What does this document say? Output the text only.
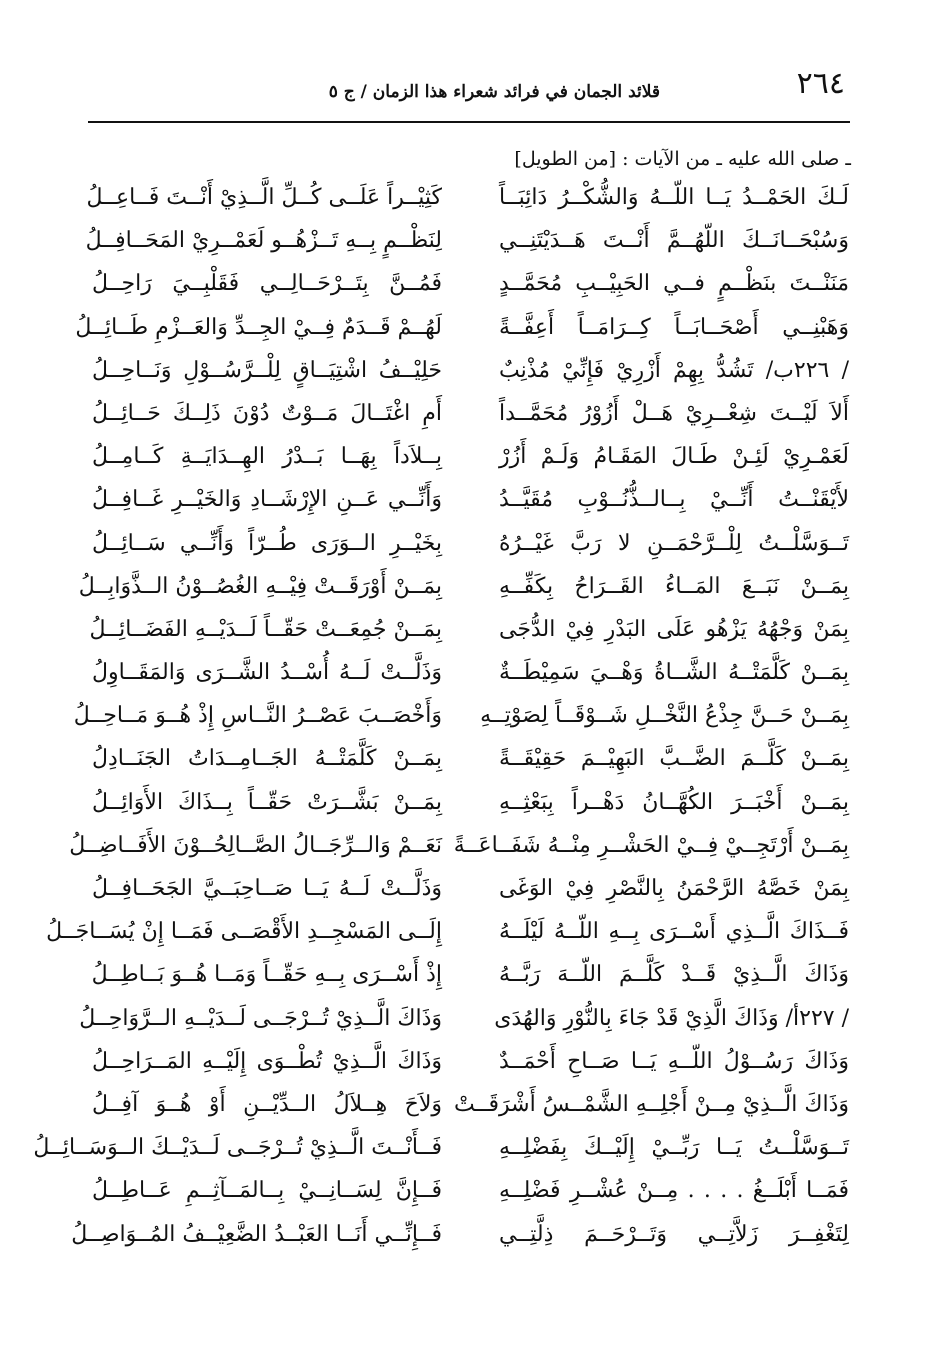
٢٦٤
قلائد الجمان في فرائد شعراء هذا الزمان / ج ٥
ـ صلى الله عليه ـ من الآيات : [من الطويل]
لَـكَ الحَمْــدُ يَــا اللّــهُ وَالشُّكْــرُ دَائِبَــاً
وَسُبْحَــانَــكَ اللّهُــمَّ أَنْــتَ هَــدَيْتَنِــي
مَنَنْــتَ بنَظْــمٍ فــي الحَبِيْــبِ مُحَمَّــدٍ
وَهَبْنِــي أَصْحَــابَــاً كِــرَامَــاً أَعِفَّــةً
/ ٢٢٦ب/ تَشُدُّ بِهِمْ أَزْرِيْ فَإِنِّيْ مُذْنِبٌ
أَلاَ لَيْــتَ شِعْــرِيْ هَــلْ أَزُوْرُ مُحَمَّــداً
لَعَمْـرِيْ لَئِـنْ طَـالَ المَقَـامُ وَلَـمْ أَزُرْ
لأَيْقَنْــتُ أَنِّــيْ بِــالــذُّنُــوْبِ مُقَيَّــدُ
تَــوَسَّلْــتُ لِلْــرَّحْمَــنِ لا رَبَّ غَيْــرُهُ
بِمَــنْ نَبَــعَ المَــاءُ القَــرَاحُ بِكَفِّــهِ
بِمَنْ وَجْهُهُ يَزْهُو عَلَى البَدْرِ فِيْ الدُّجَى
بِمَــنْ كَلَّمَتْــهُ الشَّــاةُ وَهْــيَ سَمِيْطَــةٌ
بِمَــنْ حَــنَّ جِذْعُ النَّخْــلِ شَــوْقَــاً لِصَوْتِــهِ
بِمَــنْ كَلَّــمَ الضَّــبَّ البَهِيْــمَ حَقِيْقَــةً
بِمَــنْ أَخْبَــرَ الكُهَّــانُ دَهْــراً بِبَعْثِــهِ
بِمَــنْ أَرْتَجِــيْ فِــيْ الحَشْــرِ مِنْــهُ شَفَــاعَــةً
بِمَنْ خَصَّهُ الرَّحْمَنُ بِالنَّصْرِ فِيْ الوَغَى
فَــذَاكَ الَّــذِي أَسْــرَى بِــهِ اللّــهُ لَيْلَــهُ
وَذَاكَ الَّــذِيْ قَــدْ كَلَّــمَ اللّــهَ رَبَّــهُ
/ ٢٢٧أ/ وَذَاكَ الَّذِيْ قَدْ جَاءَ بِالنُّوْرِ وَالهُدَى
وَذَاكَ رَسُــوْلُ اللّــهِ يَــا صَــاحِ أَحْمَــدٌ
وَذَاكَ الَّــذِيْ مِــنْ أَجْلِــهِ الشَّمْــسُ أَشْرَقَــتْ
تَــوَسَّلْــتُ يَــا رَبِّــيْ إِلَيْــكَ بِفَضْلِــهِ
فَمَــا أَبْلَــغُ . . . . مِــنْ عُشْــرِ فَضْلِــهِ
لِتَغْفِــرَ زَلاَّتِــي وَتَــرْحَــمَ ذِلَّتِــي
كَثِيْــراً عَلَــى كُــلِّ الَّــذِيْ أَنْــتَ فَــاعِــلُ
لِنَظْــمٍ بِــهِ تَــزْهُــو لَعَمْــرِيْ المَحَــافِــلُ
فَمُــنَّ بِتَــرْحَــالِــي فَقَلْبِــيَ رَاحِــلُ
لَهُــمْ قَــدَمٌ فِــيْ الجِــدِّ وَالعَــزْمِ طَــائِــلُ
حَلِيْــفُ اشْتِيَــاقٍ لِلْــرَّسُــوْلِ وَنَــاحِــلُ
أَمِ اغْتَــالَ مَــوْتٌ دُوْنَ ذَلِــكَ حَــائِــلُ
بِــلاَداً بِهَــا بَــدْرُ الهِــدَايَــةِ كَــامِــلُ
وَأَنِّــي عَــنِ الإِرْشَــادِ وَالخَيْــرِ غَــافِــلُ
بِخَيْــرِ الــوَرَى طُــرّاً وَأَنِّــي سَــائِــلُ
بِمَــنْ أَوْرَقَــتْ فِيْــهِ الغُصُــوْنُ الــذَّوَابِــلُ
بِمَــنْ جُمِعَــتْ حَقّــاً لَــدَيْــهِ الفَضَــائِــلُ
وَذَلَّــتْ لَــهُ أُسْــدُ الشَّــرَى وَالمَقَــاوِلُ
وَأَخْصَــبَ عَصْــرُ النَّــاسِ إِذْ هُــوَ مَــاحِــلُ
بِمَــنْ كَلَّمَتْــهُ الجَــامِــدَاتُ الجَنَــادِلُ
بِمَــنْ بَشَّــرَتْ حَقّــاً بِــذَاكَ الأَوَائِــلُ
نَعَــمْ وَالــرِّجَــالُ الصَّــالِحُــوْنَ الأَفَــاضِــلُ
وَذَلَّــتْ لَــهُ يَــا صَــاحِبَــيَّ الجَحَــافِــلُ
إِلَــى المَسْجِــدِ الأَقْصَــى فَمَــا إِنْ يُسَــاجَــلُ
إِذْ أَسْــرَى بِــهِ حَقّــاً وَمَــا هُــوَ بَــاطِــلُ
وَذَاكَ الَّــذِيْ تُــرْجَــى لَــدَيْــهِ الــرَّوَاحِــلُ
وَذَاكَ الَّــذِيْ تُطْــوَى إِلَيْــهِ المَــرَاحِــلُ
وَلاَحَ هِــلاَلُ الــدِّيْــنِ أَوْ هُــوَ آفِــلُ
فَــأَنْــتَ الَّــذِيْ تُــرْجَــى لَــدَيْــكَ الــوَسَــائِــلُ
فَــإِنَّ لِسَــانِــيْ بِــالمَــآثِــمِ عَــاطِــلُ
فَــإِنِّــي أَنَــا العَبْــدُ الضَّعِيْــفُ المُــوَاصِــلُ
